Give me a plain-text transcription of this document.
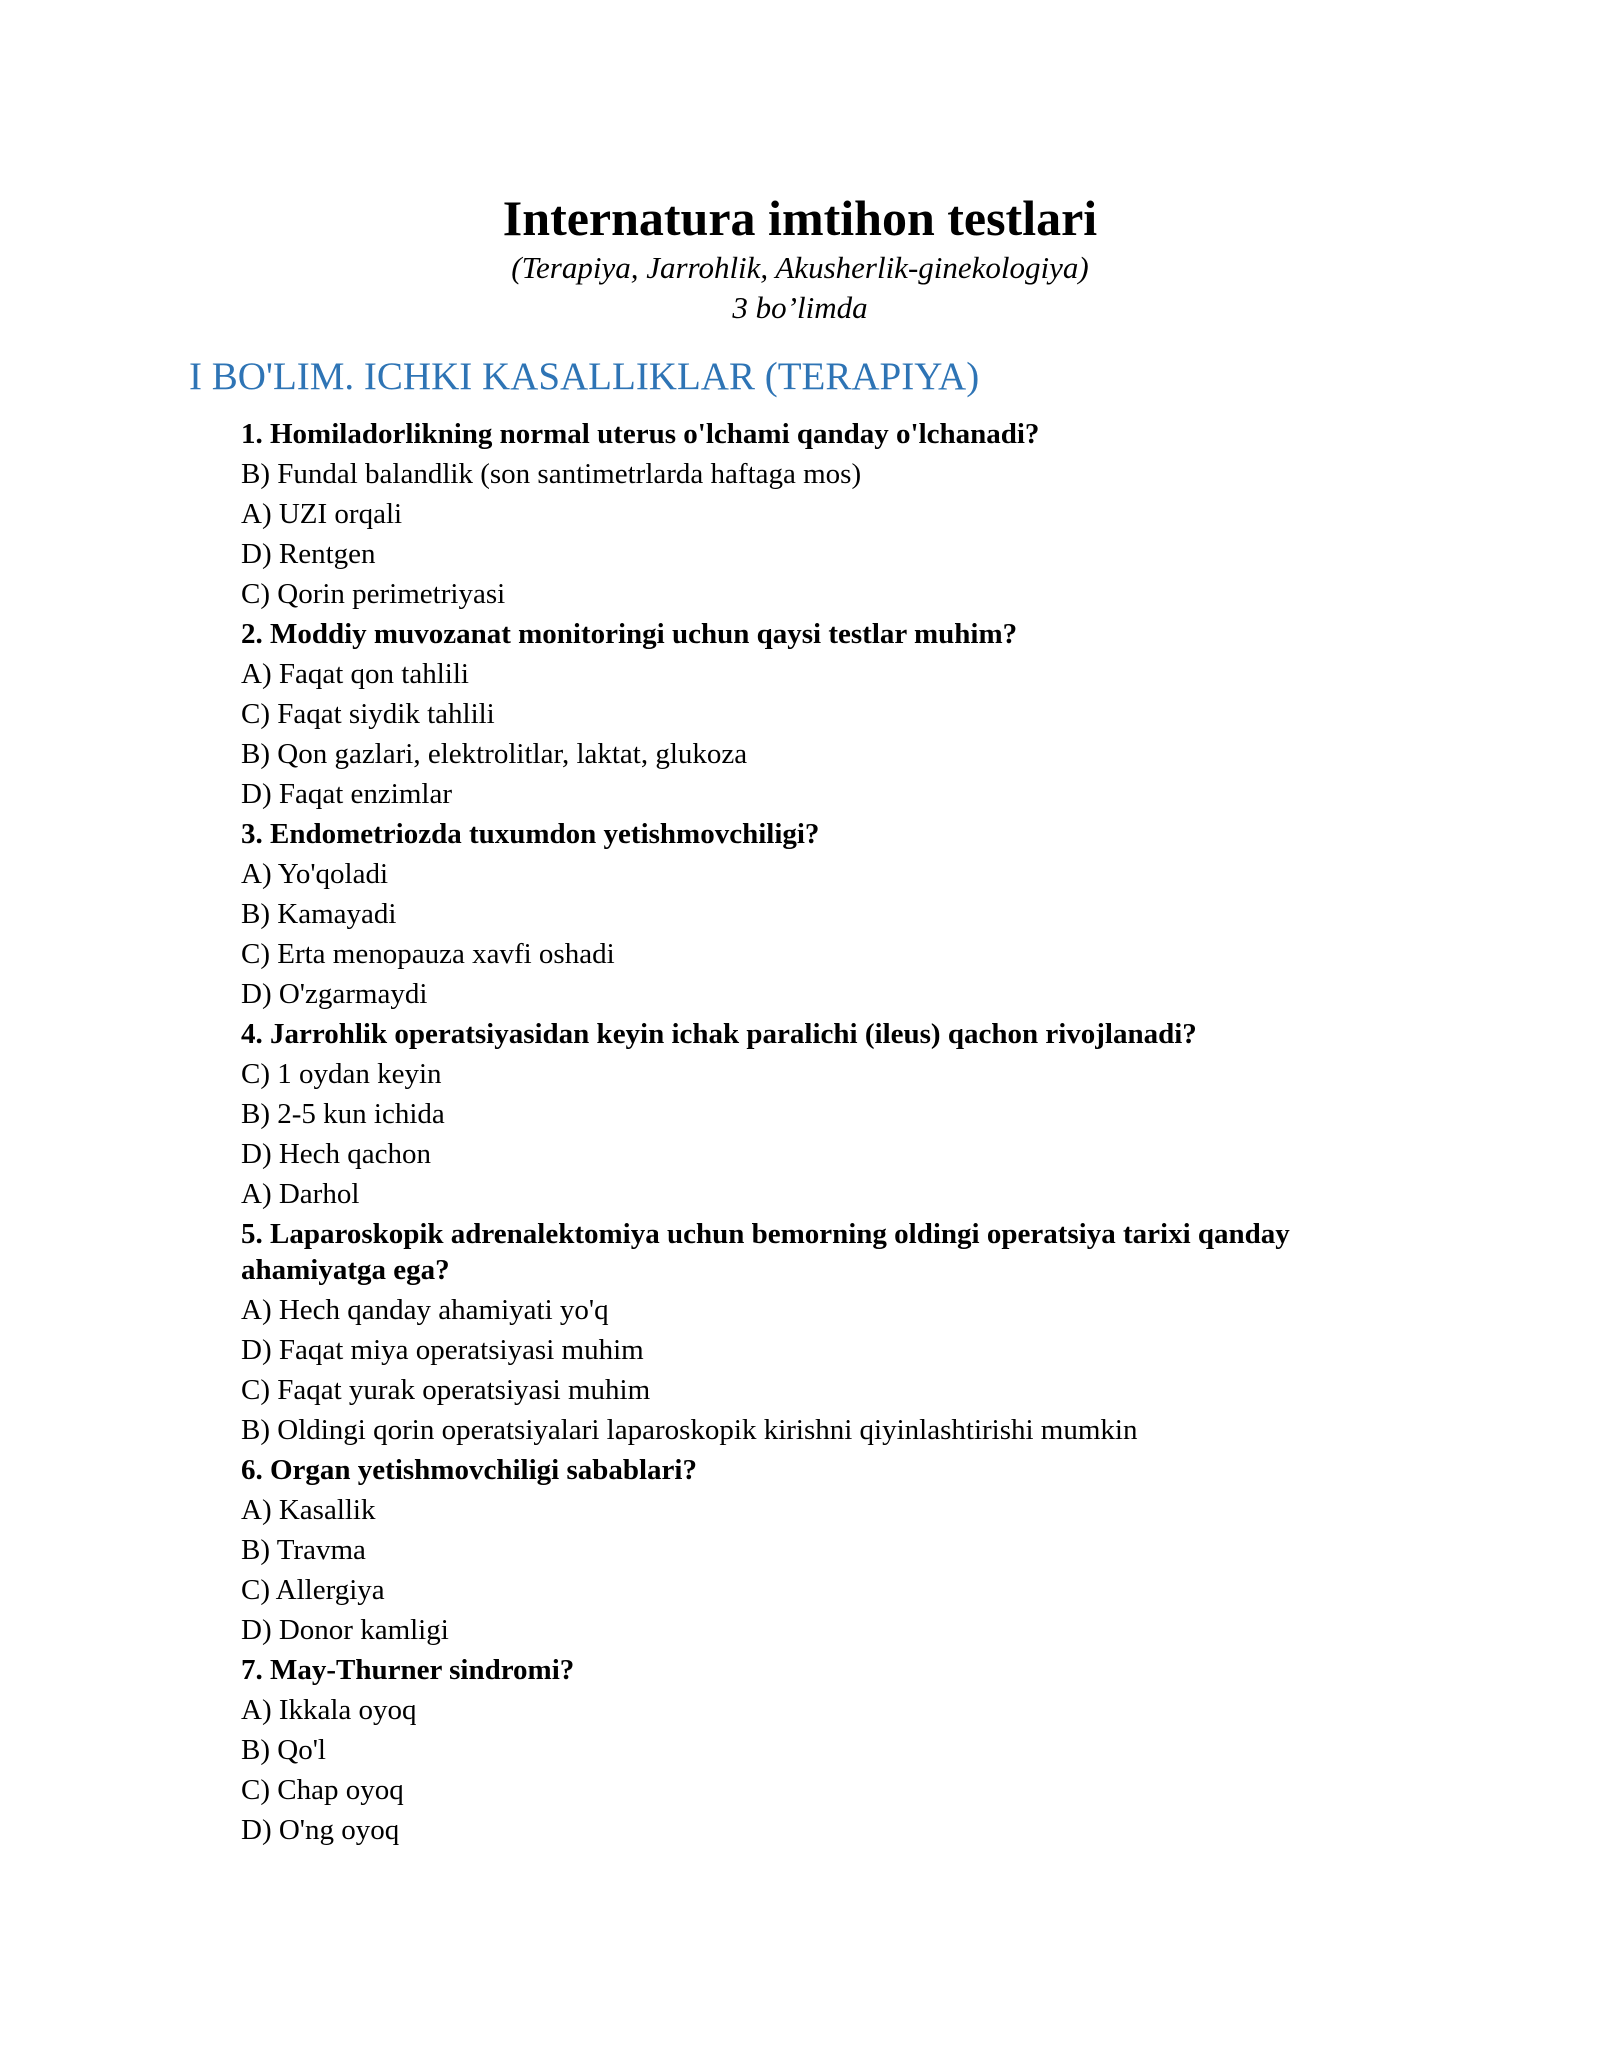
Internatura imtihon testlari

(Terapiya, Jarrohlik, Akusherlik-ginekologiya)

3 bo’limda

I BO'LIM. ICHKI KASALLIKLAR (TERAPIYA)

1. Homiladorlikning normal uterus o'lchami qanday o'lchanadi?

B) Fundal balandlik (son santimetrlarda haftaga mos)

A) UZI orqali

D) Rentgen

C) Qorin perimetriyasi

2. Moddiy muvozanat monitoringi uchun qaysi testlar muhim?

A) Faqat qon tahlili

C) Faqat siydik tahlili

B) Qon gazlari, elektrolitlar, laktat, glukoza

D) Faqat enzimlar

3. Endometriozda tuxumdon yetishmovchiligi?

A) Yo'qoladi

B) Kamayadi

C) Erta menopauza xavfi oshadi

D) O'zgarmaydi

4. Jarrohlik operatsiyasidan keyin ichak paralichi (ileus) qachon rivojlanadi?

C) 1 oydan keyin

B) 2-5 kun ichida

D) Hech qachon

A) Darhol

5. Laparoskopik adrenalektomiya uchun bemorning oldingi operatsiya tarixi qanday ahamiyatga ega?

A) Hech qanday ahamiyati yo'q

D) Faqat miya operatsiyasi muhim

C) Faqat yurak operatsiyasi muhim

B) Oldingi qorin operatsiyalari laparoskopik kirishni qiyinlashtirishi mumkin

6. Organ yetishmovchiligi sabablari?

A) Kasallik

B) Travma

C) Allergiya

D) Donor kamligi

7. May-Thurner sindromi?

A) Ikkala oyoq

B) Qo'l

C) Chap oyoq

D) O'ng oyoq
